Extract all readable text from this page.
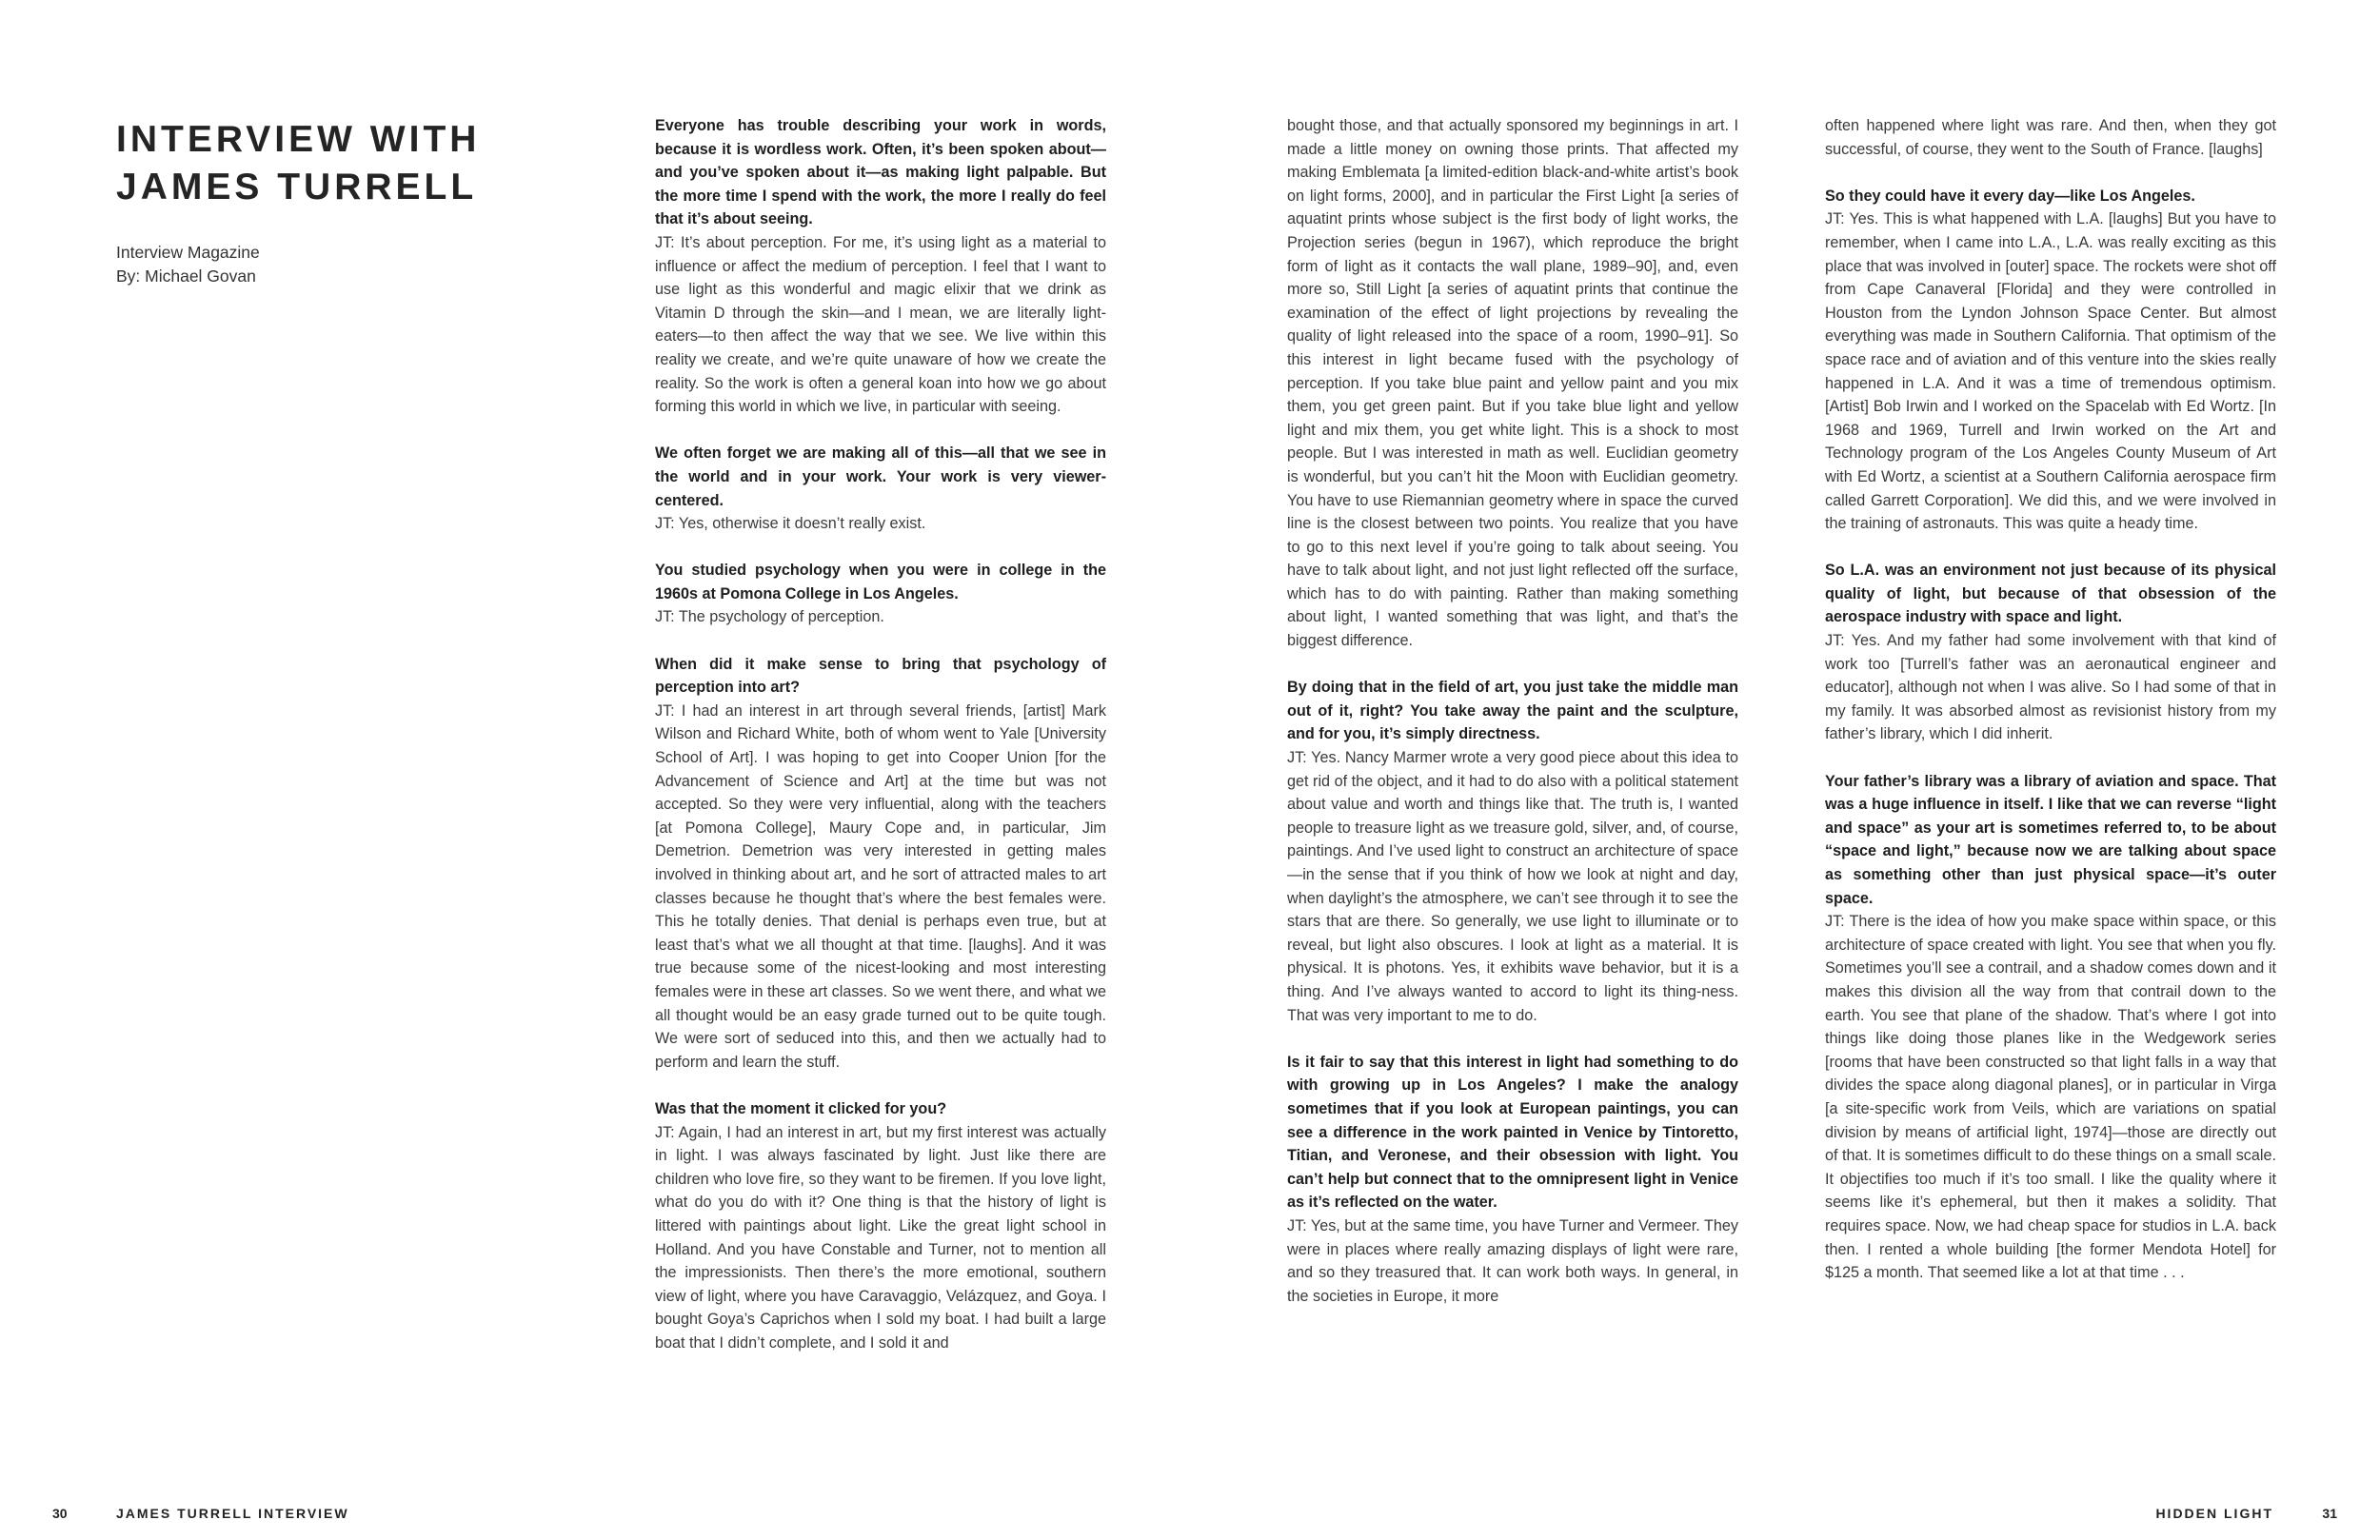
INTERVIEW WITH
JAMES TURRELL
Interview Magazine
By: Michael Govan
Everyone has trouble describing your work in words, because it is wordless work. Often, it’s been spoken about—and you’ve spoken about it—as making light palpable. But the more time I spend with the work, the more I really do feel that it’s about seeing.
JT: It’s about perception. For me, it’s using light as a material to influence or affect the medium of perception. I feel that I want to use light as this wonderful and magic elixir that we drink as Vitamin D through the skin—and I mean, we are literally light-eaters—to then affect the way that we see. We live within this reality we create, and we’re quite unaware of how we create the reality. So the work is often a general koan into how we go about forming this world in which we live, in particular with seeing.
We often forget we are making all of this—all that we see in the world and in your work. Your work is very viewer-centered.
JT: Yes, otherwise it doesn’t really exist.
You studied psychology when you were in college in the 1960s at Pomona College in Los Angeles.
JT: The psychology of perception.
When did it make sense to bring that psychology of perception into art?
JT: I had an interest in art through several friends, [artist] Mark Wilson and Richard White, both of whom went to Yale [University School of Art]. I was hoping to get into Cooper Union [for the Advancement of Science and Art] at the time but was not accepted. So they were very influential, along with the teachers [at Pomona College], Maury Cope and, in particular, Jim Demetrion. Demetrion was very interested in getting males involved in thinking about art, and he sort of attracted males to art classes because he thought that’s where the best females were. This he totally denies. That denial is perhaps even true, but at least that’s what we all thought at that time. [laughs]. And it was true because some of the nicest-looking and most interesting females were in these art classes. So we went there, and what we all thought would be an easy grade turned out to be quite tough. We were sort of seduced into this, and then we actually had to perform and learn the stuff.
Was that the moment it clicked for you?
JT: Again, I had an interest in art, but my first interest was actually in light. I was always fascinated by light. Just like there are children who love fire, so they want to be firemen. If you love light, what do you do with it? One thing is that the history of light is littered with paintings about light. Like the great light school in Holland. And you have Constable and Turner, not to mention all the impressionists. Then there’s the more emotional, southern view of light, where you have Caravaggio, Velázquez, and Goya. I bought Goya’s Caprichos when I sold my boat. I had built a large boat that I didn’t complete, and I sold it and
bought those, and that actually sponsored my beginnings in art. I made a little money on owning those prints. That affected my making Emblemata [a limited-edition black-and-white artist’s book on light forms, 2000], and in particular the First Light [a series of aquatint prints whose subject is the first body of light works, the Projection series (begun in 1967), which reproduce the bright form of light as it contacts the wall plane, 1989–90], and, even more so, Still Light [a series of aquatint prints that continue the examination of the effect of light projections by revealing the quality of light released into the space of a room, 1990–91]. So this interest in light became fused with the psychology of perception. If you take blue paint and yellow paint and you mix them, you get green paint. But if you take blue light and yellow light and mix them, you get white light. This is a shock to most people. But I was interested in math as well. Euclidian geometry is wonderful, but you can’t hit the Moon with Euclidian geometry. You have to use Riemannian geometry where in space the curved line is the closest between two points. You realize that you have to go to this next level if you’re going to talk about seeing. You have to talk about light, and not just light reflected off the surface, which has to do with painting. Rather than making something about light, I wanted something that was light, and that’s the biggest difference.
By doing that in the field of art, you just take the middle man out of it, right? You take away the paint and the sculpture, and for you, it’s simply directness.
JT: Yes. Nancy Marmer wrote a very good piece about this idea to get rid of the object, and it had to do also with a political statement about value and worth and things like that. The truth is, I wanted people to treasure light as we treasure gold, silver, and, of course, paintings. And I’ve used light to construct an architecture of space—in the sense that if you think of how we look at night and day, when daylight’s the atmosphere, we can’t see through it to see the stars that are there. So generally, we use light to illuminate or to reveal, but light also obscures. I look at light as a material. It is physical. It is photons. Yes, it exhibits wave behavior, but it is a thing. And I’ve always wanted to accord to light its thing-ness. That was very important to me to do.
Is it fair to say that this interest in light had something to do with growing up in Los Angeles? I make the analogy sometimes that if you look at European paintings, you can see a difference in the work painted in Venice by Tintoretto, Titian, and Veronese, and their obsession with light. You can’t help but connect that to the omnipresent light in Venice as it’s reflected on the water.
JT: Yes, but at the same time, you have Turner and Vermeer. They were in places where really amazing displays of light were rare, and so they treasured that. It can work both ways. In general, in the societies in Europe, it more
often happened where light was rare. And then, when they got successful, of course, they went to the South of France. [laughs]
So they could have it every day—like Los Angeles.
JT: Yes. This is what happened with L.A. [laughs] But you have to remember, when I came into L.A., L.A. was really exciting as this place that was involved in [outer] space. The rockets were shot off from Cape Canaveral [Florida] and they were controlled in Houston from the Lyndon Johnson Space Center. But almost everything was made in Southern California. That optimism of the space race and of aviation and of this venture into the skies really happened in L.A. And it was a time of tremendous optimism. [Artist] Bob Irwin and I worked on the Spacelab with Ed Wortz. [In 1968 and 1969, Turrell and Irwin worked on the Art and Technology program of the Los Angeles County Museum of Art with Ed Wortz, a scientist at a Southern California aerospace firm called Garrett Corporation]. We did this, and we were involved in the training of astronauts. This was quite a heady time.
So L.A. was an environment not just because of its physical quality of light, but because of that obsession of the aerospace industry with space and light.
JT: Yes. And my father had some involvement with that kind of work too [Turrell’s father was an aeronautical engineer and educator], although not when I was alive. So I had some of that in my family. It was absorbed almost as revisionist history from my father’s library, which I did inherit.
Your father’s library was a library of aviation and space. That was a huge influence in itself. I like that we can reverse “light and space” as your art is sometimes referred to, to be about “space and light,” because now we are talking about space as something other than just physical space—it’s outer space.
JT: There is the idea of how you make space within space, or this architecture of space created with light. You see that when you fly. Sometimes you’ll see a contrail, and a shadow comes down and it makes this division all the way from that contrail down to the earth. You see that plane of the shadow. That’s where I got into things like doing those planes like in the Wedgework series [rooms that have been constructed so that light falls in a way that divides the space along diagonal planes], or in particular in Virga [a site-specific work from Veils, which are variations on spatial division by means of artificial light, 1974]—those are directly out of that. It is sometimes difficult to do these things on a small scale. It objectifies too much if it’s too small. I like the quality where it seems like it’s ephemeral, but then it makes a solidity. That requires space. Now, we had cheap space for studios in L.A. back then. I rented a whole building [the former Mendota Hotel] for $125 a month. That seemed like a lot at that time . . .
30	JAMES TURRELL INTERVIEW	HIDDEN LIGHT	31
